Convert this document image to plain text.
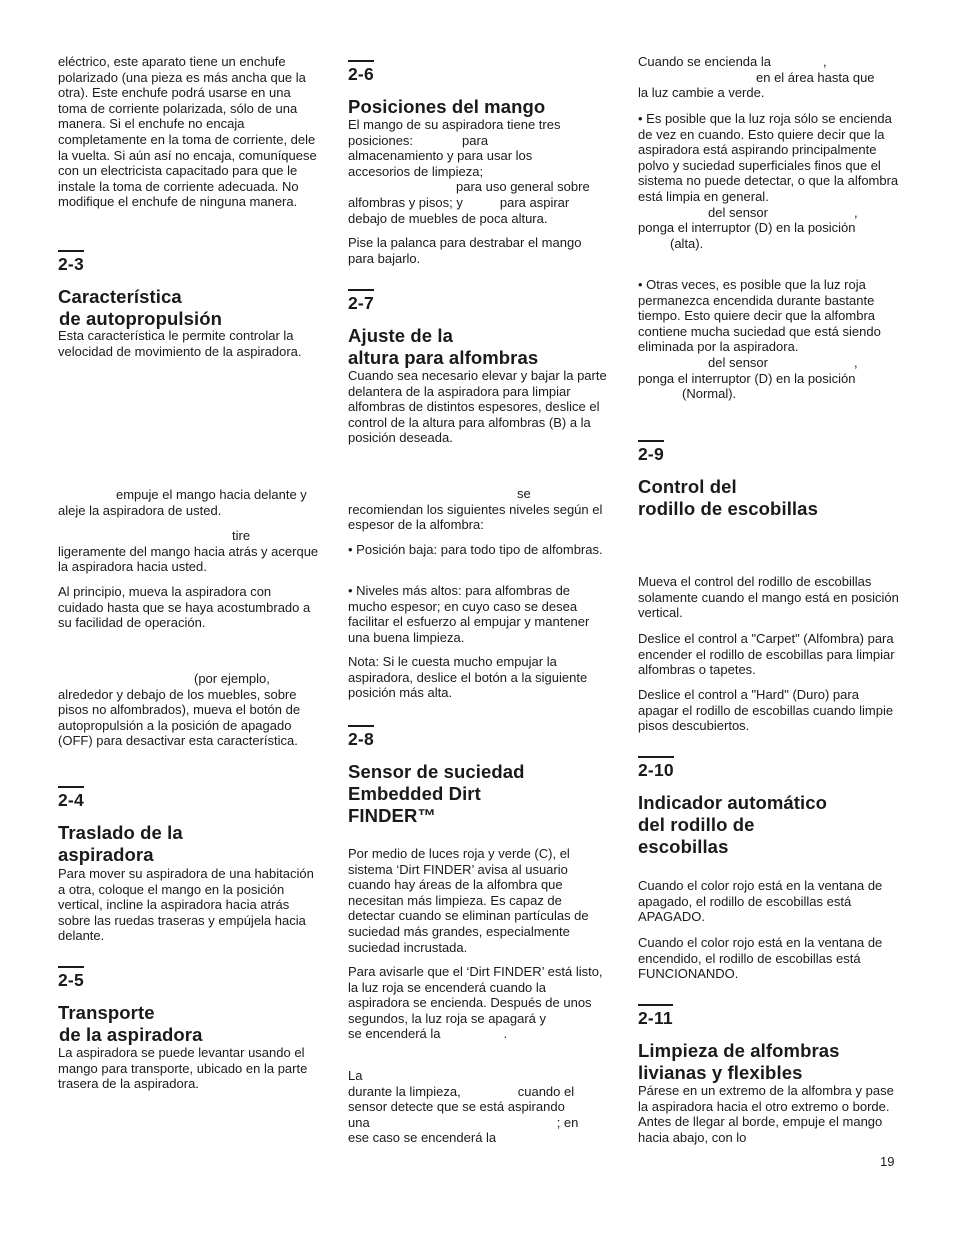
eléctrico, este aparato tiene un enchufe polarizado (una pieza es más ancha que la otra). Este enchufe podrá usarse en una toma de corriente polarizada, sólo de una manera. Si el enchufe no encaja completamente en la toma de corriente, dele la vuelta. Si aún así no encaja, comuníquese con un electricista capacitado para que le instale la toma de corriente adecuada. No modifique el enchufe de ninguna manera.

2-3

Característica

de autopropulsión

Esta característica le permite controlar la velocidad de movimiento de la aspiradora.

empuje el mango hacia delante y aleje la aspiradora de usted.

tire

ligeramente del mango hacia atrás y acerque la aspiradora hacia usted.

Al principio, mueva la aspiradora con cuidado hasta que se haya acostumbrado a su facilidad de operación.

(por ejemplo,

alrededor y debajo de los muebles, sobre pisos no alfombrados), mueva el botón de autopropulsión a la posición de apagado (OFF) para desactivar esta característica.

2-4

Traslado de la

aspiradora

Para mover su aspiradora de una habitación a otra, coloque el mango en la posición vertical, incline la aspiradora hacia atrás sobre las ruedas traseras y empújela hacia delante.

2-5

Transporte

de la aspiradora

La aspiradora se puede levantar usando el mango para transporte, ubicado en la parte trasera de la aspiradora.

2-6

Posiciones del mango

El mango de su aspiradora tiene tres

posiciones:	para

almacenamiento y para usar los

accesorios de limpieza;

para uso general sobre

alfombras y pisos; y	para aspirar

debajo de muebles de poca altura.

Pise la palanca para destrabar el mango para bajarlo.

2-7

Ajuste de la

altura para alfombras

Cuando sea necesario elevar y bajar la parte delantera de la aspiradora para limpiar alfombras de distintos espesores, deslice el control de la altura para alfombras (B) a la posición deseada.

se

recomiendan los siguientes niveles según el espesor de la alfombra:

• Posición baja: para todo tipo de alfombras.

• Niveles más altos: para alfombras de mucho espesor; en cuyo caso se desea facilitar el esfuerzo al empujar y mantener una buena limpieza.

Nota: Si le cuesta mucho empujar la aspiradora, deslice el botón a la siguiente posición más alta.

2-8

Sensor de suciedad

Embedded Dirt

FINDER™

Por medio de luces roja y verde (C), el sistema ‘Dirt FINDER’ avisa al usuario cuando hay áreas de la alfombra que necesitan más limpieza. Es capaz de detectar cuando se eliminan partículas de suciedad más grandes, especialmente suciedad incrustada.

Para avisarle que el ‘Dirt FINDER’ está listo, la luz roja se encenderá cuando la aspiradora se encienda. Después de unos segundos, la luz roja se apagará y

se encenderá la	.

La

durante la limpieza,	cuando el

sensor detecte que se está aspirando

una	; en

ese caso se encenderá la

Cuando se encienda la	,

en el área hasta que

la luz cambie a verde.

• Es posible que la luz roja sólo se encienda de vez en cuando. Esto quiere decir que la aspiradora está aspirando principalmente polvo y suciedad superficiales finos que el sistema no puede detectar, o que la alfombra está limpia en general.

del sensor	,

ponga el interruptor (D) en la posición

(alta).

• Otras veces, es posible que la luz roja permanezca encendida durante bastante tiempo. Esto quiere decir que la alfombra contiene mucha suciedad que está siendo eliminada por la aspiradora.

del sensor	,

ponga el interruptor (D) en la posición

(Normal).

2-9

Control del

rodillo de escobillas

Mueva el control del rodillo de escobillas solamente cuando el mango está en posición vertical.

Deslice el control a "Carpet" (Alfombra) para encender el rodillo de escobillas para limpiar alfombras o tapetes.

Deslice el control a "Hard" (Duro) para apagar el rodillo de escobillas cuando limpie pisos descubiertos.

2-10

Indicador automático

del rodillo de

escobillas

Cuando el color rojo está en la ventana de apagado, el rodillo de escobillas está APAGADO.

Cuando el color rojo está en la ventana de encendido, el rodillo de escobillas está FUNCIONANDO.

2-11

Limpieza de alfombras

livianas y flexibles

Párese en un extremo de la alfombra y pase la aspiradora hacia el otro extremo o borde. Antes de llegar al borde, empuje el mango hacia abajo, con lo

19
